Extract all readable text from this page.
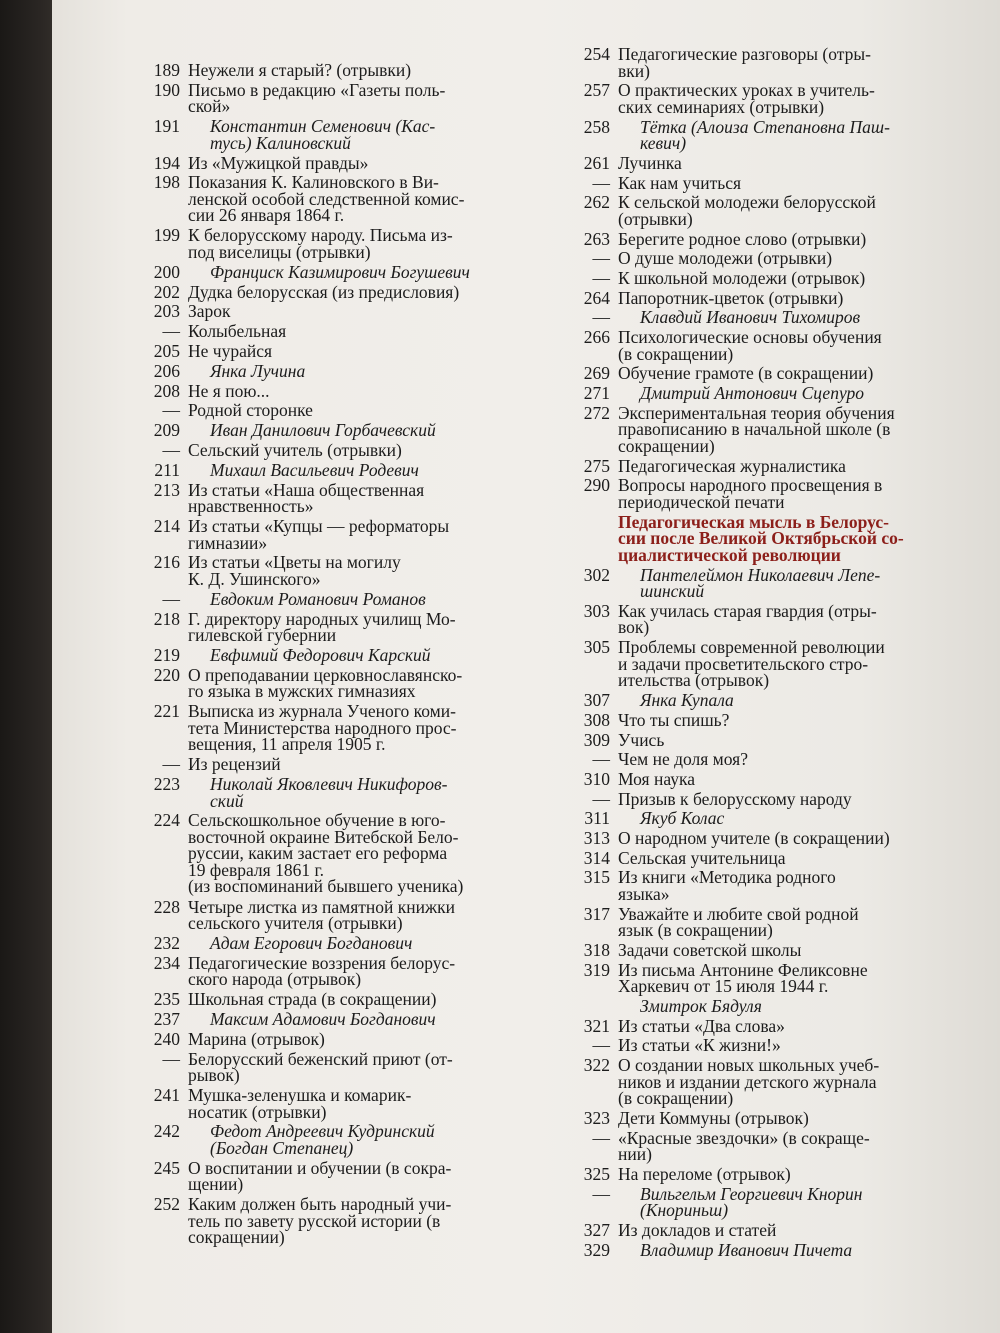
189 Неужели я старый? (отрывки)
190 Письмо в редакцию «Газеты поль-
ской»
191	Константин Семенович (Кас-
тусь) Калиновский
194 Из «Мужицкой правды»
198 Показания К. Калиновского в Ви-
ленской особой следственной комис-
сии 26 января 1864 г.
199 К белорусскому народу. Письма из-
под виселицы (отрывки)
200	Франциск Казимирович Богушевич
202 Дудка белорусская (из предисловия)
203 Зарок
— Колыбельная
205 Не чурайся
206	Янка Лучина
208 Не я пою...
— Родной сторонке
209	Иван Данилович Горбачевский
— Сельский учитель (отрывки)
211	Михаил Васильевич Родевич
213 Из статьи «Наша общественная
нравственность»
214 Из статьи «Купцы — реформаторы
гимназии»
216 Из статьи «Цветы на могилу
К. Д. Ушинского»
—	Евдоким Романович Романов
218 Г. директору народных училищ Мо-
гилевской губернии
219	Евфимий Федорович Карский
220 О преподавании церковнославянско-
го языка в мужских гимназиях
221 Выписка из журнала Ученого коми-
тета Министерства народного прос-
вещения, 11 апреля 1905 г.
— Из рецензий
223	Николай Яковлевич Никифоров-
ский
224 Сельскошкольное обучение в юго-
восточной окраине Витебской Бело-
руссии, каким застает его реформа
19 февраля 1861 г.
(из воспоминаний бывшего ученика)
228 Четыре листка из памятной книжки
сельского учителя (отрывки)
232	Адам Егорович Богданович
234 Педагогические воззрения белорус-
ского народа (отрывок)
235 Школьная страда (в сокращении)
237	Максим Адамович Богданович
240 Марина (отрывок)
— Белорусский беженский приют (от-
рывок)
241 Мушка-зеленушка и комарик-
носатик (отрывки)
242	Федот Андреевич Кудринский
(Богдан Степанец)
245 О воспитании и обучении (в сокра-
щении)
252 Каким должен быть народный учи-
тель по завету русской истории (в
сокращении)
254 Педагогические разговоры (отры-
вки)
257 О практических уроках в учитель-
ских семинариях (отрывки)
258	Тётка (Алоиза Степановна Паш-
кевич)
261 Лучинка
— Как нам учиться
262 К сельской молодежи белорусской
(отрывки)
263 Берегите родное слово (отрывки)
— О душе молодежи (отрывки)
— К школьной молодежи (отрывок)
264 Папоротник-цветок (отрывки)
—	Клавдий Иванович Тихомиров
266 Психологические основы обучения
(в сокращении)
269 Обучение грамоте (в сокращении)
271	Дмитрий Антонович Сцепуро
272 Экспериментальная теория обучения
правописанию в начальной школе (в
сокращении)
275 Педагогическая журналистика
290 Вопросы народного просвещения в
периодической печати
Педагогическая мысль в Белорус-
сии после Великой Октябрьской со-
циалистической революции
302	Пантелеймон Николаевич Лепе-
шинский
303 Как училась старая гвардия (отры-
вок)
305 Проблемы современной революции
и задачи просветительского стро-
ительства (отрывок)
307	Янка Купала
308 Что ты спишь?
309 Учись
— Чем не доля моя?
310 Моя наука
— Призыв к белорусскому народу
311	Якуб Колас
313 О народном учителе (в сокращении)
314 Сельская учительница
315 Из книги «Методика родного
языка»
317 Уважайте и любите свой родной
язык (в сокращении)
318 Задачи советской школы
319 Из письма Антонине Феликсовне
Харкевич от 15 июля 1944 г.
Змитрок Бядуля
321 Из статьи «Два слова»
— Из статьи «К жизни!»
322 О создании новых школьных учеб-
ников и издании детского журнала
(в сокращении)
323 Дети Коммуны (отрывок)
— «Красные звездочки» (в сокраще-
нии)
325 На переломе (отрывок)
—	Вильгельм Георгиевич Кнорин
(Кнориньш)
327 Из докладов и статей
329	Владимир Иванович Пичета
